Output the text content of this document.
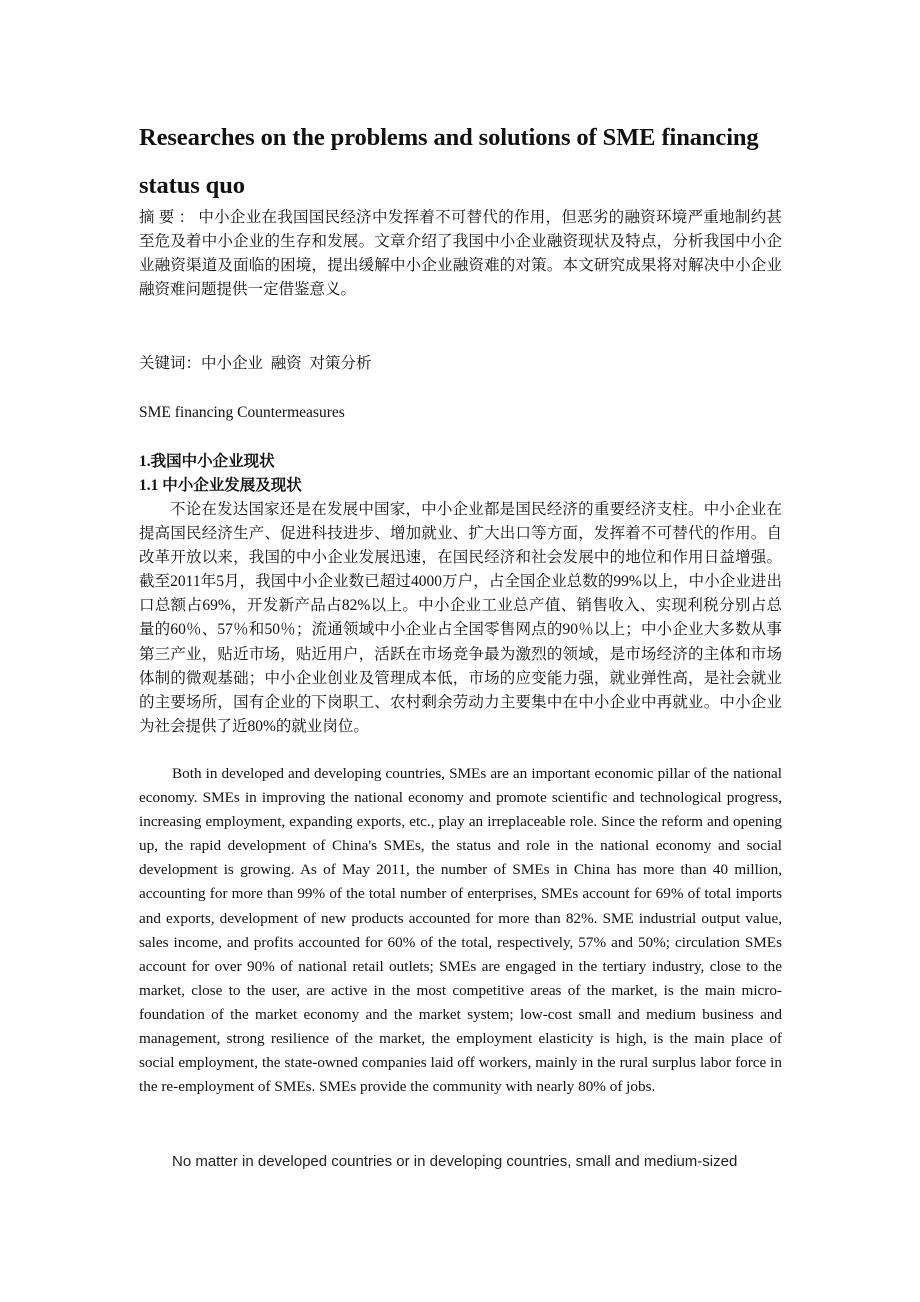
Researches on the problems and solutions of SME financing status quo

摘要：中小企业在我国国民经济中发挥着不可替代的作用，但恶劣的融资环境严重地制约甚至危及着中小企业的生存和发展。文章介绍了我国中小企业融资现状及特点，分析我国中小企业融资渠道及面临的困境，提出缓解中小企业融资难的对策。本文研究成果将对解决中小企业融资难问题提供一定借鉴意义。

关键词：中小企业  融资  对策分析

SME financing Countermeasures

1.我国中小企业现状
1.1 中小企业发展及现状

不论在发达国家还是在发展中国家，中小企业都是国民经济的重要经济支柱。中小企业在提高国民经济生产、促进科技进步、增加就业、扩大出口等方面，发挥着不可替代的作用。自改革开放以来，我国的中小企业发展迅速，在国民经济和社会发展中的地位和作用日益增强。截至2011年5月，我国中小企业数已超过4000万户，占全国企业总数的99%以上，中小企业进出口总额占69%，开发新产品占82%以上。中小企业工业总产值、销售收入、实现利税分别占总量的60％、57％和50％；流通领域中小企业占全国零售网点的90％以上；中小企业大多数从事第三产业，贴近市场，贴近用户，活跃在市场竞争最为激烈的领域，是市场经济的主体和市场体制的微观基础；中小企业创业及管理成本低，市场的应变能力强，就业弹性高，是社会就业的主要场所，国有企业的下岗职工、农村剩余劳动力主要集中在中小企业中再就业。中小企业为社会提供了近80%的就业岗位。

Both in developed and developing countries, SMEs are an important economic pillar of the national economy. SMEs in improving the national economy and promote scientific and technological progress, increasing employment, expanding exports, etc., play an irreplaceable role. Since the reform and opening up, the rapid development of China's SMEs, the status and role in the national economy and social development is growing. As of May 2011, the number of SMEs in China has more than 40 million, accounting for more than 99% of the total number of enterprises, SMEs account for 69% of total imports and exports, development of new products accounted for more than 82%. SME industrial output value, sales income, and profits accounted for 60% of the total, respectively, 57% and 50%; circulation SMEs account for over 90% of national retail outlets; SMEs are engaged in the tertiary industry, close to the market, close to the user, are active in the most competitive areas of the market, is the main micro-foundation of the market economy and the market system; low-cost small and medium business and management, strong resilience of the market, the employment elasticity is high, is the main place of social employment, the state-owned companies laid off workers, mainly in the rural surplus labor force in the re-employment of SMEs. SMEs provide the community with nearly 80% of jobs.

No matter in developed countries or in developing countries, small and medium-sized
